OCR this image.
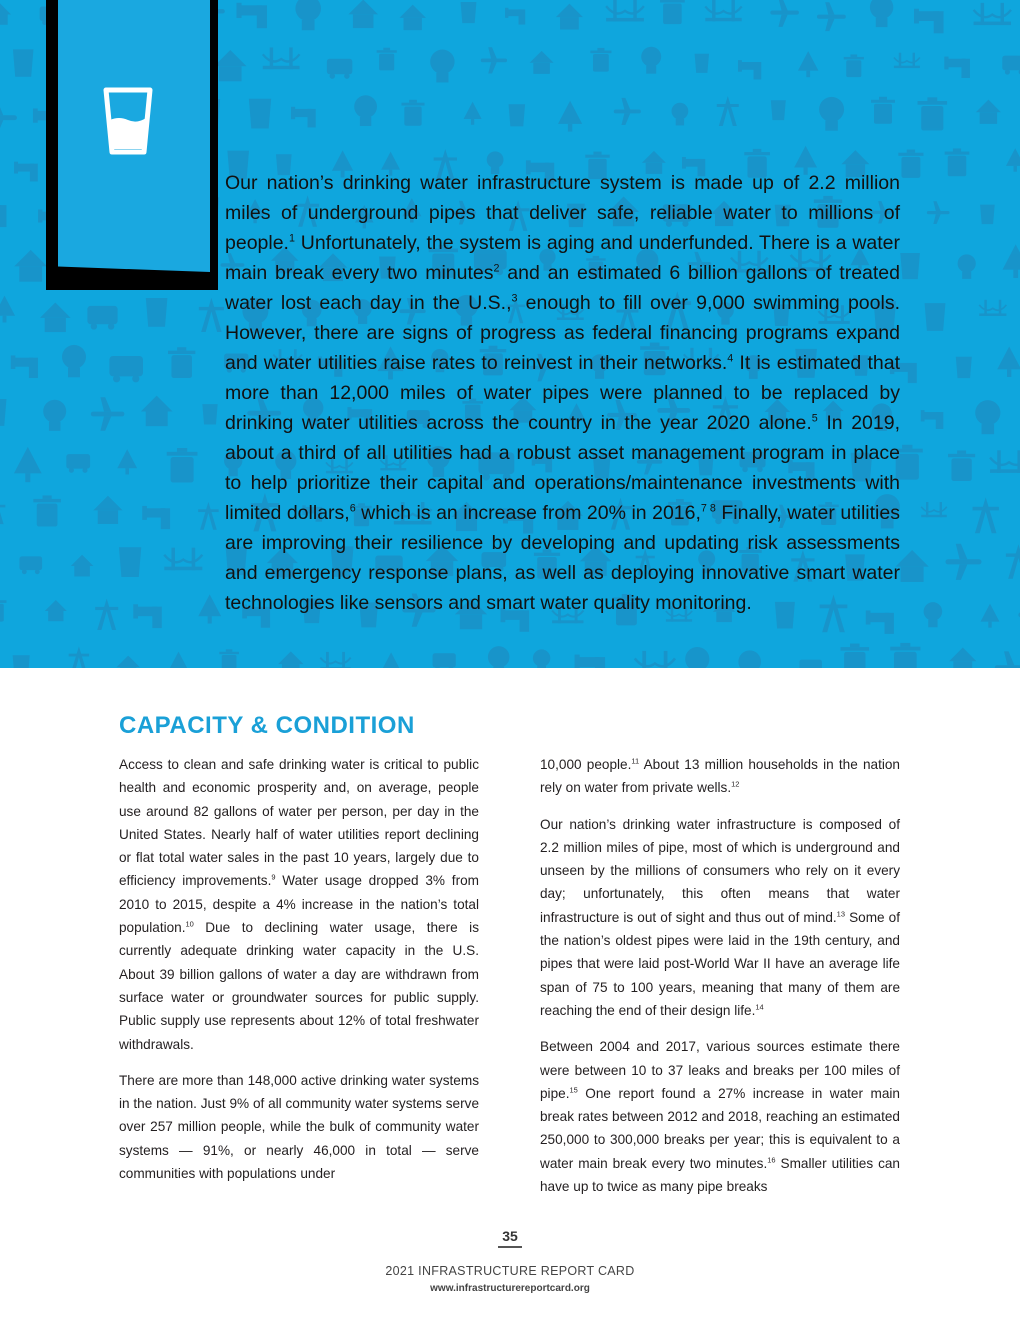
Our nation’s drinking water infrastructure system is made up of 2.2 million miles of underground pipes that deliver safe, reliable water to millions of people.$^1$ Unfortunately, the system is aging and underfunded. There is a water main break every two minutes$^2$ and an estimated 6 billion gallons of treated water lost each day in the U.S.,$^3$ enough to fill over 9,000 swimming pools. However, there are signs of progress as federal financing programs expand and water utilities raise rates to reinvest in their networks.$^4$ It is estimated that more than 12,000 miles of water pipes were planned to be replaced by drinking water utilities across the country in the year 2020 alone.$^5$ In 2019, about a third of all utilities had a robust asset management program in place to help prioritize their capital and operations/maintenance investments with limited dollars,$^6$ which is an increase from 20% in 2016,$^{7 8}$ Finally, water utilities are improving their resilience by developing and updating risk assessments and emergency response plans, as well as deploying innovative smart water technologies like sensors and smart water quality monitoring.

CAPACITY & CONDITION

Access to clean and safe drinking water is critical to public health and economic prosperity and, on average, people use around 82 gallons of water per person, per day in the United States. Nearly half of water utilities report declining or flat total water sales in the past 10 years, largely due to efficiency improvements.$^9$ Water usage dropped 3% from 2010 to 2015, despite a 4% increase in the nation’s total population.$^{10}$ Due to declining water usage, there is currently adequate drinking water capacity in the U.S. About 39 billion gallons of water a day are withdrawn from surface water or groundwater sources for public supply. Public supply use represents about 12% of total freshwater withdrawals.

There are more than 148,000 active drinking water systems in the nation. Just 9% of all community water systems serve over 257 million people, while the bulk of community water systems — 91%, or nearly 46,000 in total — serve communities with populations under

10,000 people.$^{11}$ About 13 million households in the nation rely on water from private wells.$^{12}$

Our nation’s drinking water infrastructure is composed of 2.2 million miles of pipe, most of which is underground and unseen by the millions of consumers who rely on it every day; unfortunately, this often means that water infrastructure is out of sight and thus out of mind.$^{13}$ Some of the nation’s oldest pipes were laid in the 19th century, and pipes that were laid post-World War II have an average life span of 75 to 100 years, meaning that many of them are reaching the end of their design life.$^{14}$

Between 2004 and 2017, various sources estimate there were between 10 to 37 leaks and breaks per 100 miles of pipe.$^{15}$ One report found a 27% increase in water main break rates between 2012 and 2018, reaching an estimated 250,000 to 300,000 breaks per year; this is equivalent to a water main break every two minutes.$^{16}$ Smaller utilities can have up to twice as many pipe breaks

35
2021 INFRASTRUCTURE REPORT CARD
www.infrastructurereportcard.org
